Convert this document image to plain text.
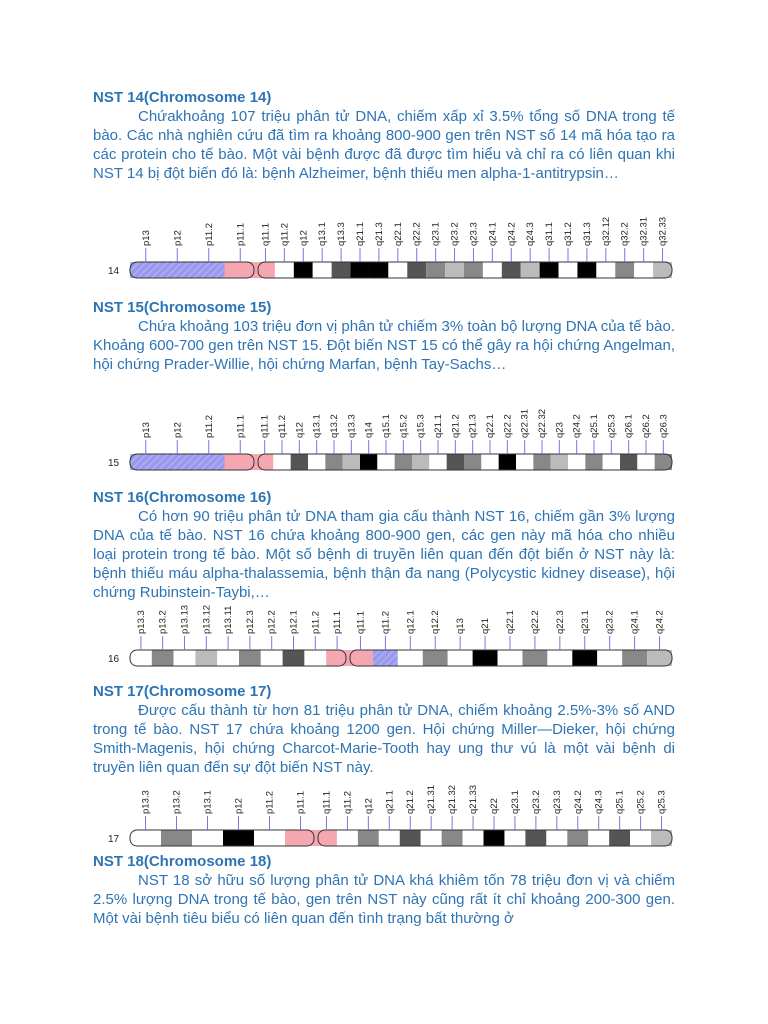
NST 14(Chromosome 14)

Chứakhoảng 107 triệu phân tử DNA, chiếm xấp xỉ 3.5% tổng số DNA trong tế bào. Các nhà nghiên cứu đã tìm ra khoảng 800-900 gen trên NST số 14 mã hóa tạo ra các protein cho tế bào. Một vài bệnh được đã được tìm hiểu và chỉ ra có liên quan khi NST 14 bị đột biến đó là: bệnh Alzheimer, bệnh thiếu men alpha-1-antitrypsin…

14
p13 p12 p11.2 p11.1 q11.1 q11.2 q12 q13.1 q13.3 q21.1 q21.3 q22.1 q22.2 q23.1 q23.2 q23.3 q24.1 q24.2 q24.3 q31.1 q31.2 q31.3 q32.12 q32.2 q32.31 q32.33
NST 15(Chromosome 15)

Chứa khoảng 103 triệu đơn vị phân tử chiếm 3% toàn bộ lượng DNA của tế bào. Khoảng 600-700 gen trên NST 15. Đột biến NST 15 có thể gây ra hội chứng Angelman, hội chứng Prader-Willie, hội chứng Marfan, bệnh Tay-Sachs…

15
p13 p12 p11.2 p11.1 q11.1 q11.2 q12 q13.1 q13.2 q13.3 q14 q15.1 q15.2 q15.3 q21.1 q21.2 q21.3 q22.1 q22.2 q22.31 q22.32 q23 q24.2 q25.1 q25.3 q26.1 q26.2 q26.3
NST 16(Chromosome 16)

Có hơn 90 triệu phân tử DNA tham gia cấu thành NST 16, chiếm gần 3% lượng DNA của tế bào. NST 16 chứa khoảng 800-900 gen, các gen này mã hóa cho nhiều loại protein trong tế bào. Một số bệnh di truyền liên quan đến đột biến ở NST này là: bệnh thiếu máu alpha-thalassemia, bệnh thận đa nang (Polycystic kidney disease), hội chứng Rubinstein-Taybi,…

16
p13.3 p13.2 p13.13 p13.12 p13.11 p12.3 p12.2 p12.1 p11.2 p11.1 q11.1 q11.2 q12.1 q12.2 q13 q21 q22.1 q22.2 q22.3 q23.1 q23.2 q24.1 q24.2
NST 17(Chromosome 17)

Được cấu thành từ hơn 81 triệu phân tử DNA, chiếm khoảng 2.5%-3% số AND trong tế bào. NST 17 chứa khoảng 1200 gen. Hội chứng Miller—Dieker, hội chứng Smith-Magenis, hội chứng Charcot-Marie-Tooth hay ung thư vú là một vài bệnh di truyền liên quan đến sự đột biến NST này.

17
p13.3 p13.2 p13.1 p12 p11.2 p11.1 q11.1 q11.2 q12 q21.1 q21.2 q21.31 q21.32 q21.33 q22 q23.1 q23.2 q23.3 q24.2 q24.3 q25.1 q25.2 q25.3
NST 18(Chromosome 18)

NST 18 sở hữu số lượng phân tử DNA khá khiêm tốn 78 triệu đơn vị và chiếm 2.5% lượng DNA trong tế bào, gen trên NST này cũng rất ít chỉ khoảng 200-300 gen. Một vài bệnh tiêu biểu có liên quan đến tình trạng bất thường ở
